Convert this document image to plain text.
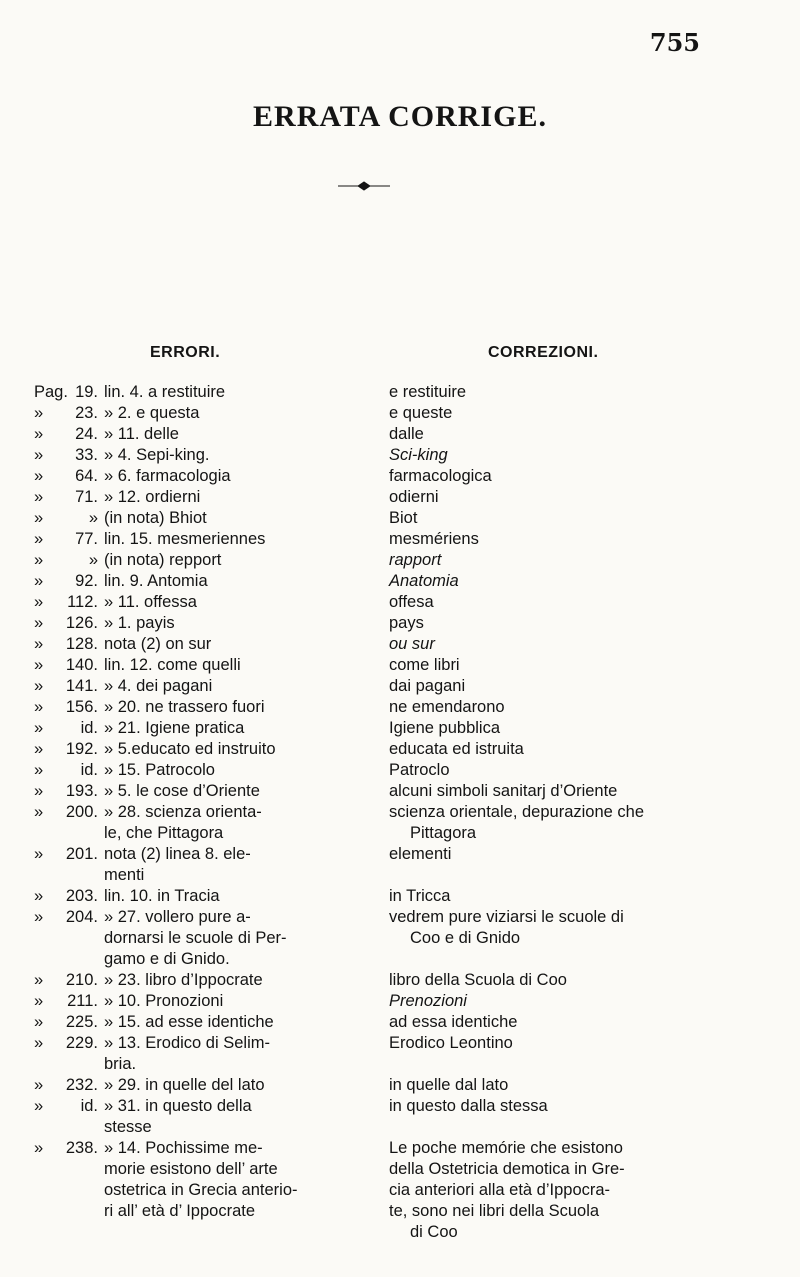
755
ERRATA CORRIGE.
ERRORI.	CORREZIONI.
Pag. 19. lin. 4. a restituire	e restituire
»	23. » 2. e questa	e queste
»	24. » 11. delle	dalle
»	33. » 4. Sepi-king.	Sci-king
»	64. » 6. farmacologia	farmacologica
»	71. » 12. ordierni	odierni
»	» (in nota) Bhiot	Biot
»	77. lin. 15. mesmeriennes	mesmériens
»	» (in nota) repport	rapport
»	92. lin. 9. Antomia	Anatomia
»	112. » 11. offessa	offesa
»	126. » 1. payis	pays
»	128. nota (2) on sur	ou sur
»	140. lin. 12. come quelli	come libri
»	141. » 4. dei pagani	dai pagani
»	156. » 20. ne trassero fuori	ne emendarono
»	id. » 21. Igiene pratica	Igiene pubblica
»	192. » 5.educato ed instruito	educata ed istruita
»	id. » 15. Patrocolo	Patroclo
»	193. » 5. le cose d’Oriente	alcuni simboli sanitarj d’Oriente
»	200. » 28. scienza orienta-	scienza orientale, depurazione che
le, che Pittagora	Pittagora
»	201. nota (2) linea 8. ele-	elementi
menti
»	203. lin. 10. in Tracia	in Tricca
»	204. » 27. vollero pure a-	vedrem pure viziarsi le scuole di
dornarsi le scuole di Per-	Coo e di Gnido
gamo e di Gnido.
»	210. » 23. libro d’Ippocrate	libro della Scuola di Coo
»	211. » 10. Pronozioni	Prenozioni
»	225. » 15. ad esse identiche	ad essa identiche
»	229. » 13. Erodico di Selim-	Erodico Leontino
bria.
»	232. » 29. in quelle del lato	in quelle dal lato
»	id. » 31. in questo della	in questo dalla stessa
stesse
»	238. » 14. Pochissime me-	Le poche memórie che esistono
morie esistono dell’ arte	della Ostetricia demotica in Gre-
ostetrica in Grecia anterio-	cia anteriori alla età d’Ippocra-
ri all’ età d’ Ippocrate	te, sono nei libri della Scuola
di Coo
